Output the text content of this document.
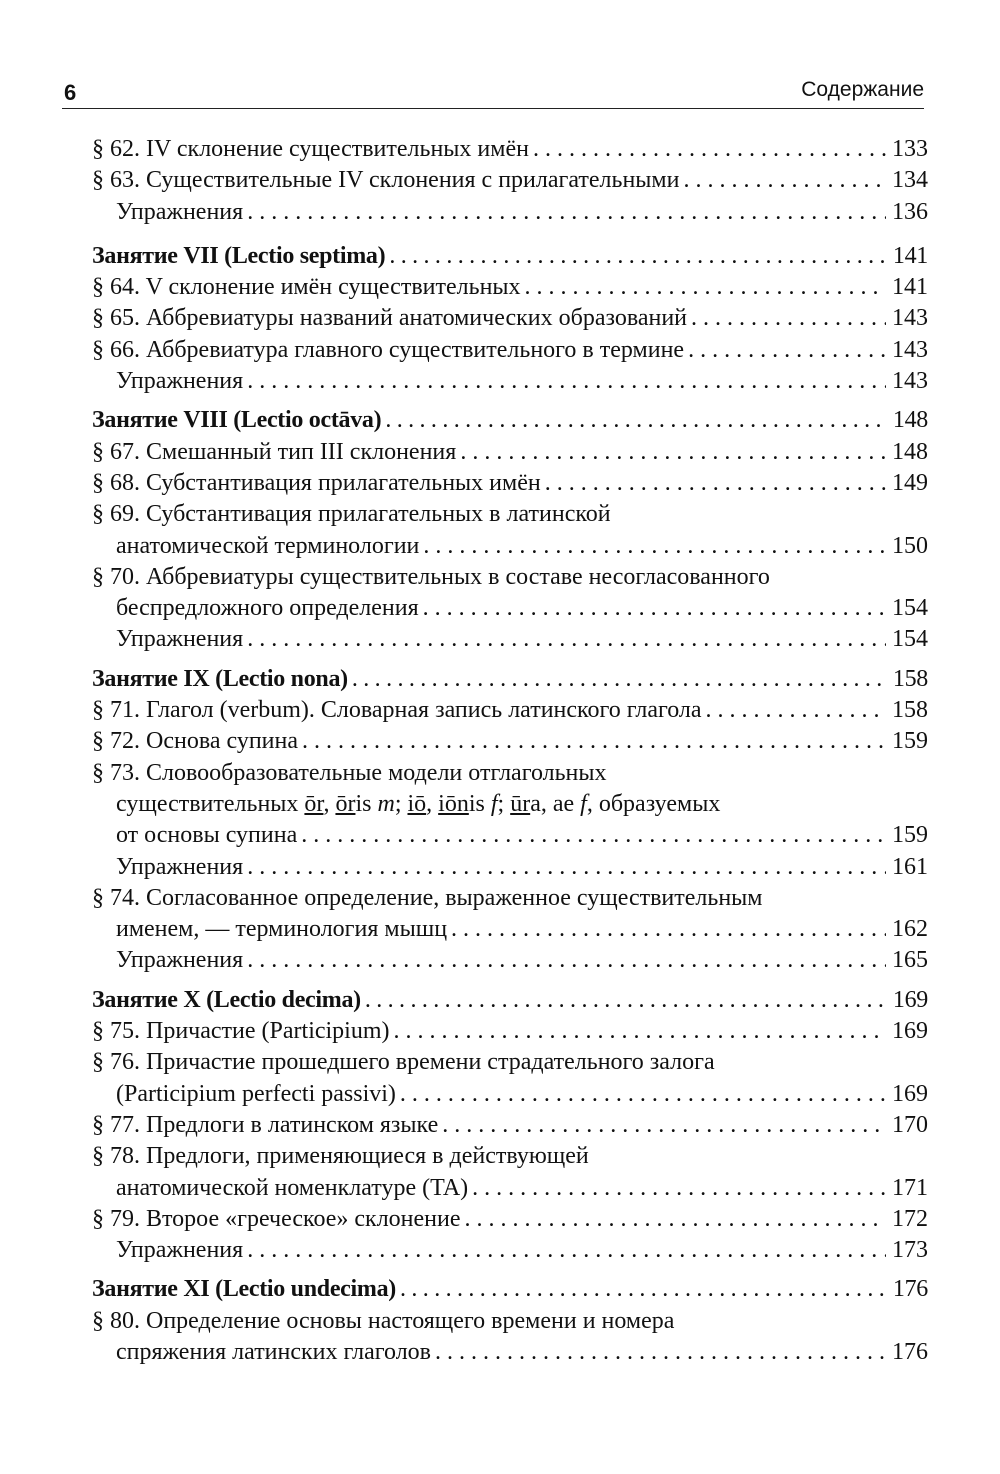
6	Содержание
§ 62. IV склонение существительных имён . . .	133
§ 63. Существительные IV склонения с прилагательными . . .	134
Упражнения . . .	136
Занятие VII (Lectio septima) . . .	141
§ 64. V склонение имён существительных . . .	141
§ 65. Аббревиатуры названий анатомических образований . . .	143
§ 66. Аббревиатура главного существительного в термине . . .	143
Упражнения . . .	143
Занятие VIII (Lectio octāva) . . .	148
§ 67. Смешанный тип III склонения . . .	148
§ 68. Субстантивация прилагательных имён . . .	149
§ 69. Субстантивация прилагательных в латинской
анатомической терминологии . . .	150
§ 70. Аббревиатуры существительных в составе несогласованного
беспредложного определения . . .	154
Упражнения . . .	154
Занятие IX (Lectio nona) . . .	158
§ 71. Глагол (verbum). Словарная запись латинского глагола . . .	158
§ 72. Основа супина . . .	159
§ 73. Словообразовательные модели отглагольных
существительных ōr, ōris m; iō, iōnis f; ūra, ae f, образуемых
от основы супина . . .	159
Упражнения . . .	161
§ 74. Согласованное определение, выраженное существительным
именем, — терминология мышц . . .	162
Упражнения . . .	165
Занятие X (Lectio decima) . . .	169
§ 75. Причастие (Participium) . . .	169
§ 76. Причастие прошедшего времени страдательного залога
(Participium perfecti passivi) . . .	169
§ 77. Предлоги в латинском языке . . .	170
§ 78. Предлоги, применяющиеся в действующей
анатомической номенклатуре (TA) . . .	171
§ 79. Второе «греческое» склонение . . .	172
Упражнения . . .	173
Занятие XI (Lectio undecima) . . .	176
§ 80. Определение основы настоящего времени и номера
спряжения латинских глаголов . . .	176
